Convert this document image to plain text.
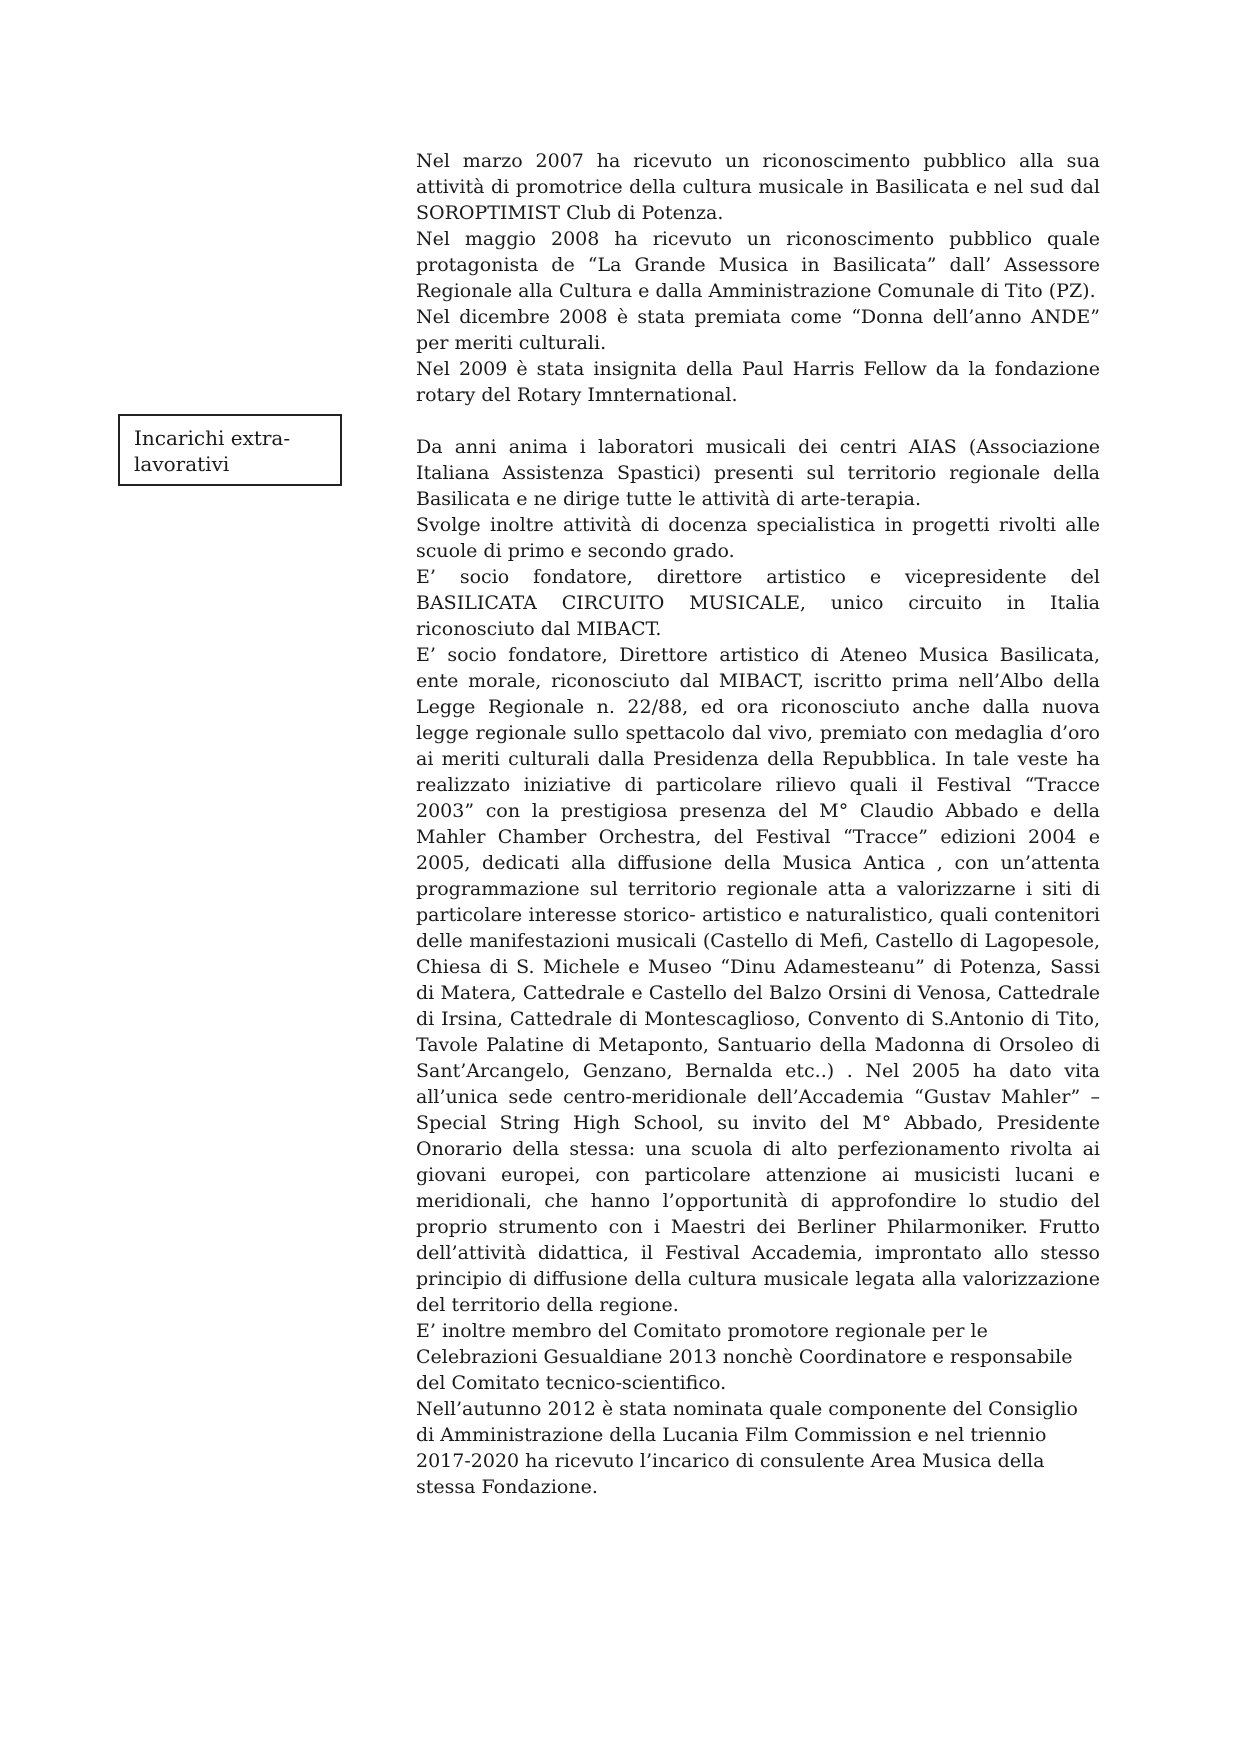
Incarichi extra-lavorativi

Nel marzo 2007 ha ricevuto un riconoscimento pubblico alla sua attività di promotrice della cultura musicale in Basilicata e nel sud dal SOROPTIMIST Club di Potenza.

Nel maggio 2008 ha ricevuto un riconoscimento pubblico quale protagonista de “La Grande Musica in Basilicata” dall’ Assessore Regionale alla Cultura e dalla Amministrazione Comunale di Tito (PZ).

Nel dicembre 2008 è stata premiata come “Donna dell’anno ANDE” per meriti culturali.

Nel 2009 è stata insignita della Paul Harris Fellow da la fondazione rotary del Rotary Imnternational.

Da anni anima i laboratori musicali dei centri AIAS (Associazione Italiana Assistenza Spastici) presenti sul territorio regionale della Basilicata e ne dirige tutte le attività di arte-terapia.

Svolge inoltre attività di docenza specialistica in progetti rivolti alle scuole di primo e secondo grado.

E’ socio fondatore, direttore artistico e vicepresidente del BASILICATA CIRCUITO MUSICALE, unico circuito in Italia riconosciuto dal MIBACT.

E’ socio fondatore, Direttore artistico di Ateneo Musica Basilicata, ente morale, riconosciuto dal MIBACT, iscritto prima nell’Albo della Legge Regionale n. 22/88, ed ora riconosciuto anche dalla nuova legge regionale sullo spettacolo dal vivo, premiato con medaglia d’oro ai meriti culturali dalla Presidenza della Repubblica. In tale veste ha realizzato iniziative di particolare rilievo quali il Festival “Tracce 2003” con la prestigiosa presenza del M° Claudio Abbado e della Mahler Chamber Orchestra, del Festival “Tracce” edizioni 2004 e 2005, dedicati alla diffusione della Musica Antica , con un’attenta programmazione sul territorio regionale atta a valorizzarne i siti di particolare interesse storico- artistico e naturalistico, quali contenitori delle manifestazioni musicali (Castello di Mefi, Castello di Lagopesole, Chiesa di S. Michele e Museo “Dinu Adamesteanu” di Potenza, Sassi di Matera, Cattedrale e Castello del Balzo Orsini di Venosa, Cattedrale di Irsina, Cattedrale di Montescaglioso, Convento di S.Antonio di Tito, Tavole Palatine di Metaponto, Santuario della Madonna di Orsoleo di Sant’Arcangelo, Genzano, Bernalda etc..) . Nel 2005 ha dato vita all’unica sede centro-meridionale dell’Accademia “Gustav Mahler” – Special String High School, su invito del M° Abbado, Presidente Onorario della stessa: una scuola di alto perfezionamento rivolta ai giovani europei, con particolare attenzione ai musicisti lucani e meridionali, che hanno l’opportunità di approfondire lo studio del proprio strumento con i Maestri dei Berliner Philarmoniker. Frutto dell’attività didattica, il Festival Accademia, improntato allo stesso principio di diffusione della cultura musicale legata alla valorizzazione del territorio della regione.

E’ inoltre membro del Comitato promotore regionale per le Celebrazioni Gesualdiane 2013 nonchè Coordinatore e responsabile del Comitato tecnico-scientifico.

Nell’autunno 2012 è stata nominata quale componente del Consiglio di Amministrazione della Lucania Film Commission e nel triennio 2017-2020 ha ricevuto l’incarico di consulente Area Musica della stessa Fondazione.
